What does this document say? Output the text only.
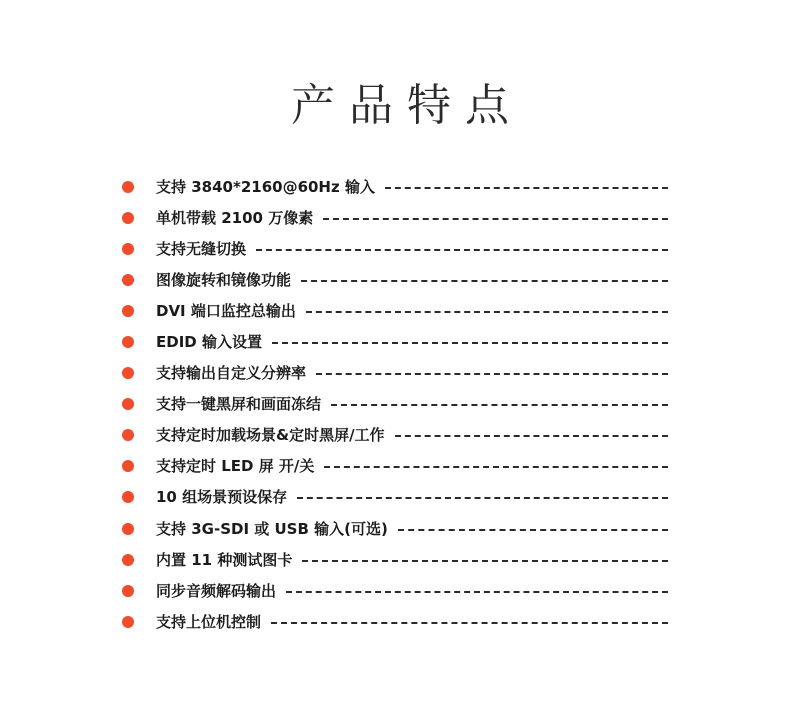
产品特点
支持 3840*2160@60Hz 输入
单机带载 2100 万像素
支持无缝切换
图像旋转和镜像功能
DVI 端口监控总输出
EDID 输入设置
支持输出自定义分辨率
支持一键黑屏和画面冻结
支持定时加载场景&定时黑屏/工作
支持定时 LED 屏 开/关
10 组场景预设保存
支持 3G-SDI 或 USB 输入(可选)
内置 11 种测试图卡
同步音频解码输出
支持上位机控制
